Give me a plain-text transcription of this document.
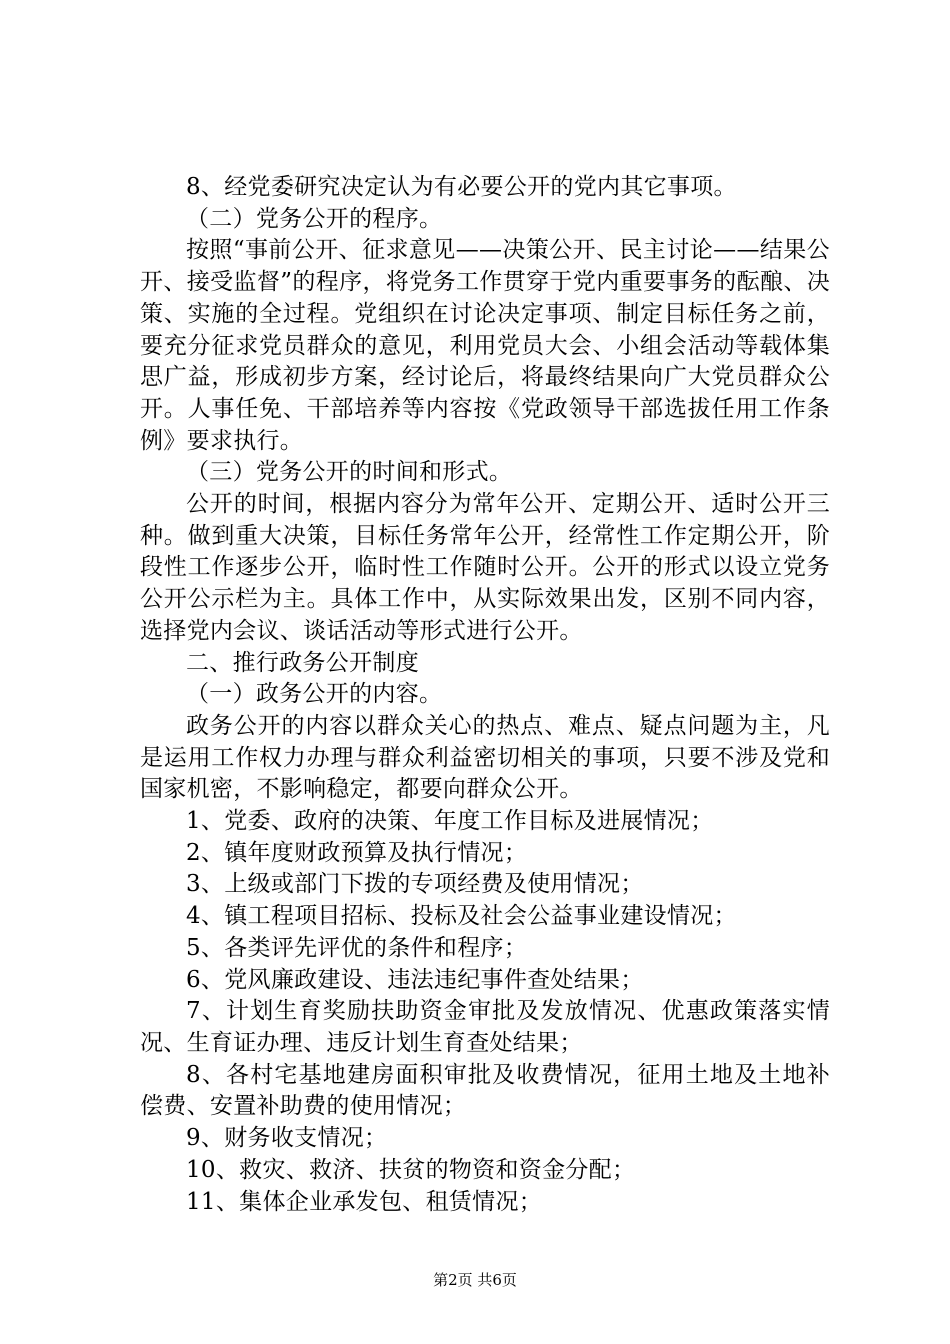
8、经党委研究决定认为有必要公开的党内其它事项。

（二）党务公开的程序。

按照“事前公开、征求意见——决策公开、民主讨论——结果公开、接受监督”的程序，将党务工作贯穿于党内重要事务的酝酿、决策、实施的全过程。党组织在讨论决定事项、制定目标任务之前，要充分征求党员群众的意见，利用党员大会、小组会活动等载体集思广益，形成初步方案，经讨论后，将最终结果向广大党员群众公开。人事任免、干部培养等内容按《党政领导干部选拔任用工作条例》要求执行。

（三）党务公开的时间和形式。

公开的时间，根据内容分为常年公开、定期公开、适时公开三种。做到重大决策，目标任务常年公开，经常性工作定期公开，阶段性工作逐步公开，临时性工作随时公开。公开的形式以设立党务公开公示栏为主。具体工作中，从实际效果出发，区别不同内容，选择党内会议、谈话活动等形式进行公开。

二、推行政务公开制度

（一）政务公开的内容。

政务公开的内容以群众关心的热点、难点、疑点问题为主，凡是运用工作权力办理与群众利益密切相关的事项，只要不涉及党和国家机密，不影响稳定，都要向群众公开。

1、党委、政府的决策、年度工作目标及进展情况；

2、镇年度财政预算及执行情况；

3、上级或部门下拨的专项经费及使用情况；

4、镇工程项目招标、投标及社会公益事业建设情况；

5、各类评先评优的条件和程序；

6、党风廉政建设、违法违纪事件查处结果；

7、计划生育奖励扶助资金审批及发放情况、优惠政策落实情况、生育证办理、违反计划生育查处结果；

8、各村宅基地建房面积审批及收费情况，征用土地及土地补偿费、安置补助费的使用情况；

9、财务收支情况；

10、救灾、救济、扶贫的物资和资金分配；

11、集体企业承发包、租赁情况；

第2页 共6页
